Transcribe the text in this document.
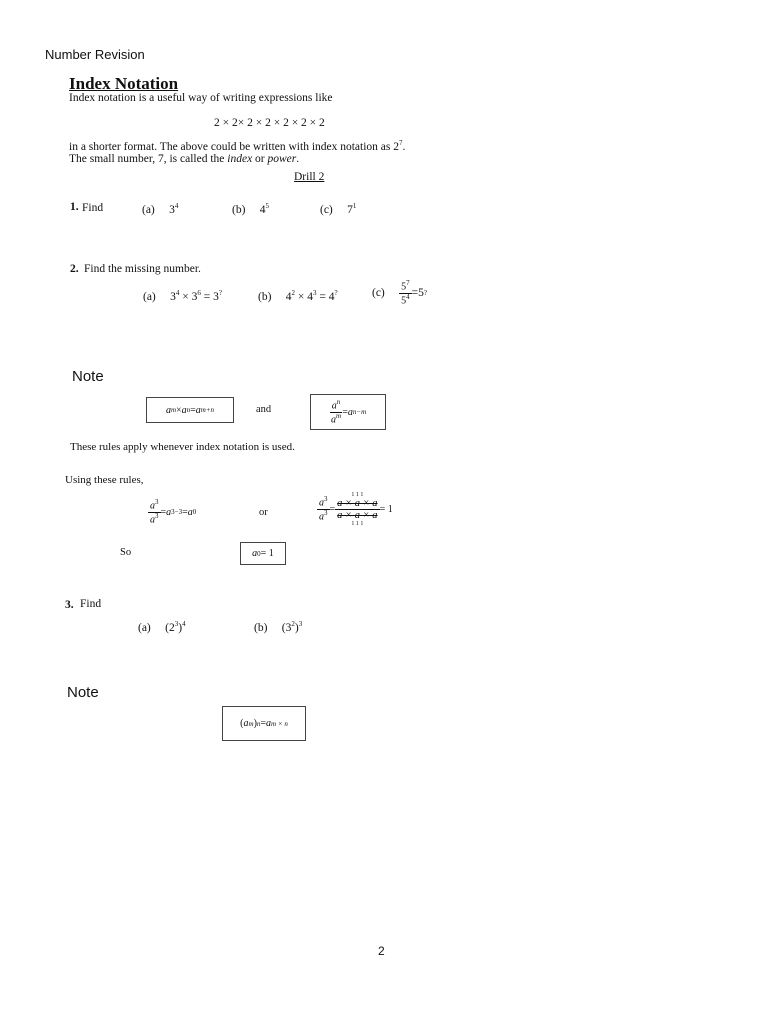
Number Revision
Index Notation
Index notation is a useful way of writing expressions like
2 × 2× 2 × 2 × 2 × 2 × 2
in a shorter format. The above could be written with index notation as $2^7$.
The small number, 7, is called the index or power.
Drill 2
1. Find	(a) $3^4$	(b) $4^5$	(c) $7^1$
2. Find the missing number.
(a) $3^4 \times 3^6 = 3^?$	(b) $4^2 \times 4^3 = 4^?$	(c)
$\frac{5^7}{5^4} = 5$ ?
Note
a m × a n = a m+n	and	$\frac{a^n}{a^m} = a$ n−m
These rules apply whenever index notation is used.
Using these rules,
$\frac{a^3}{a^3} = a$ 3−3 = a 0	or	$\frac{a^3}{a^3}$ =
1 1 1
a × a × a
a × a × a
1 1 1
= 1
So	a 0 = 1
3. Find
(a)     $(2^3)^4$	(b)     $(3^2)^3$
Note
( a m ) n = a m × n
2
